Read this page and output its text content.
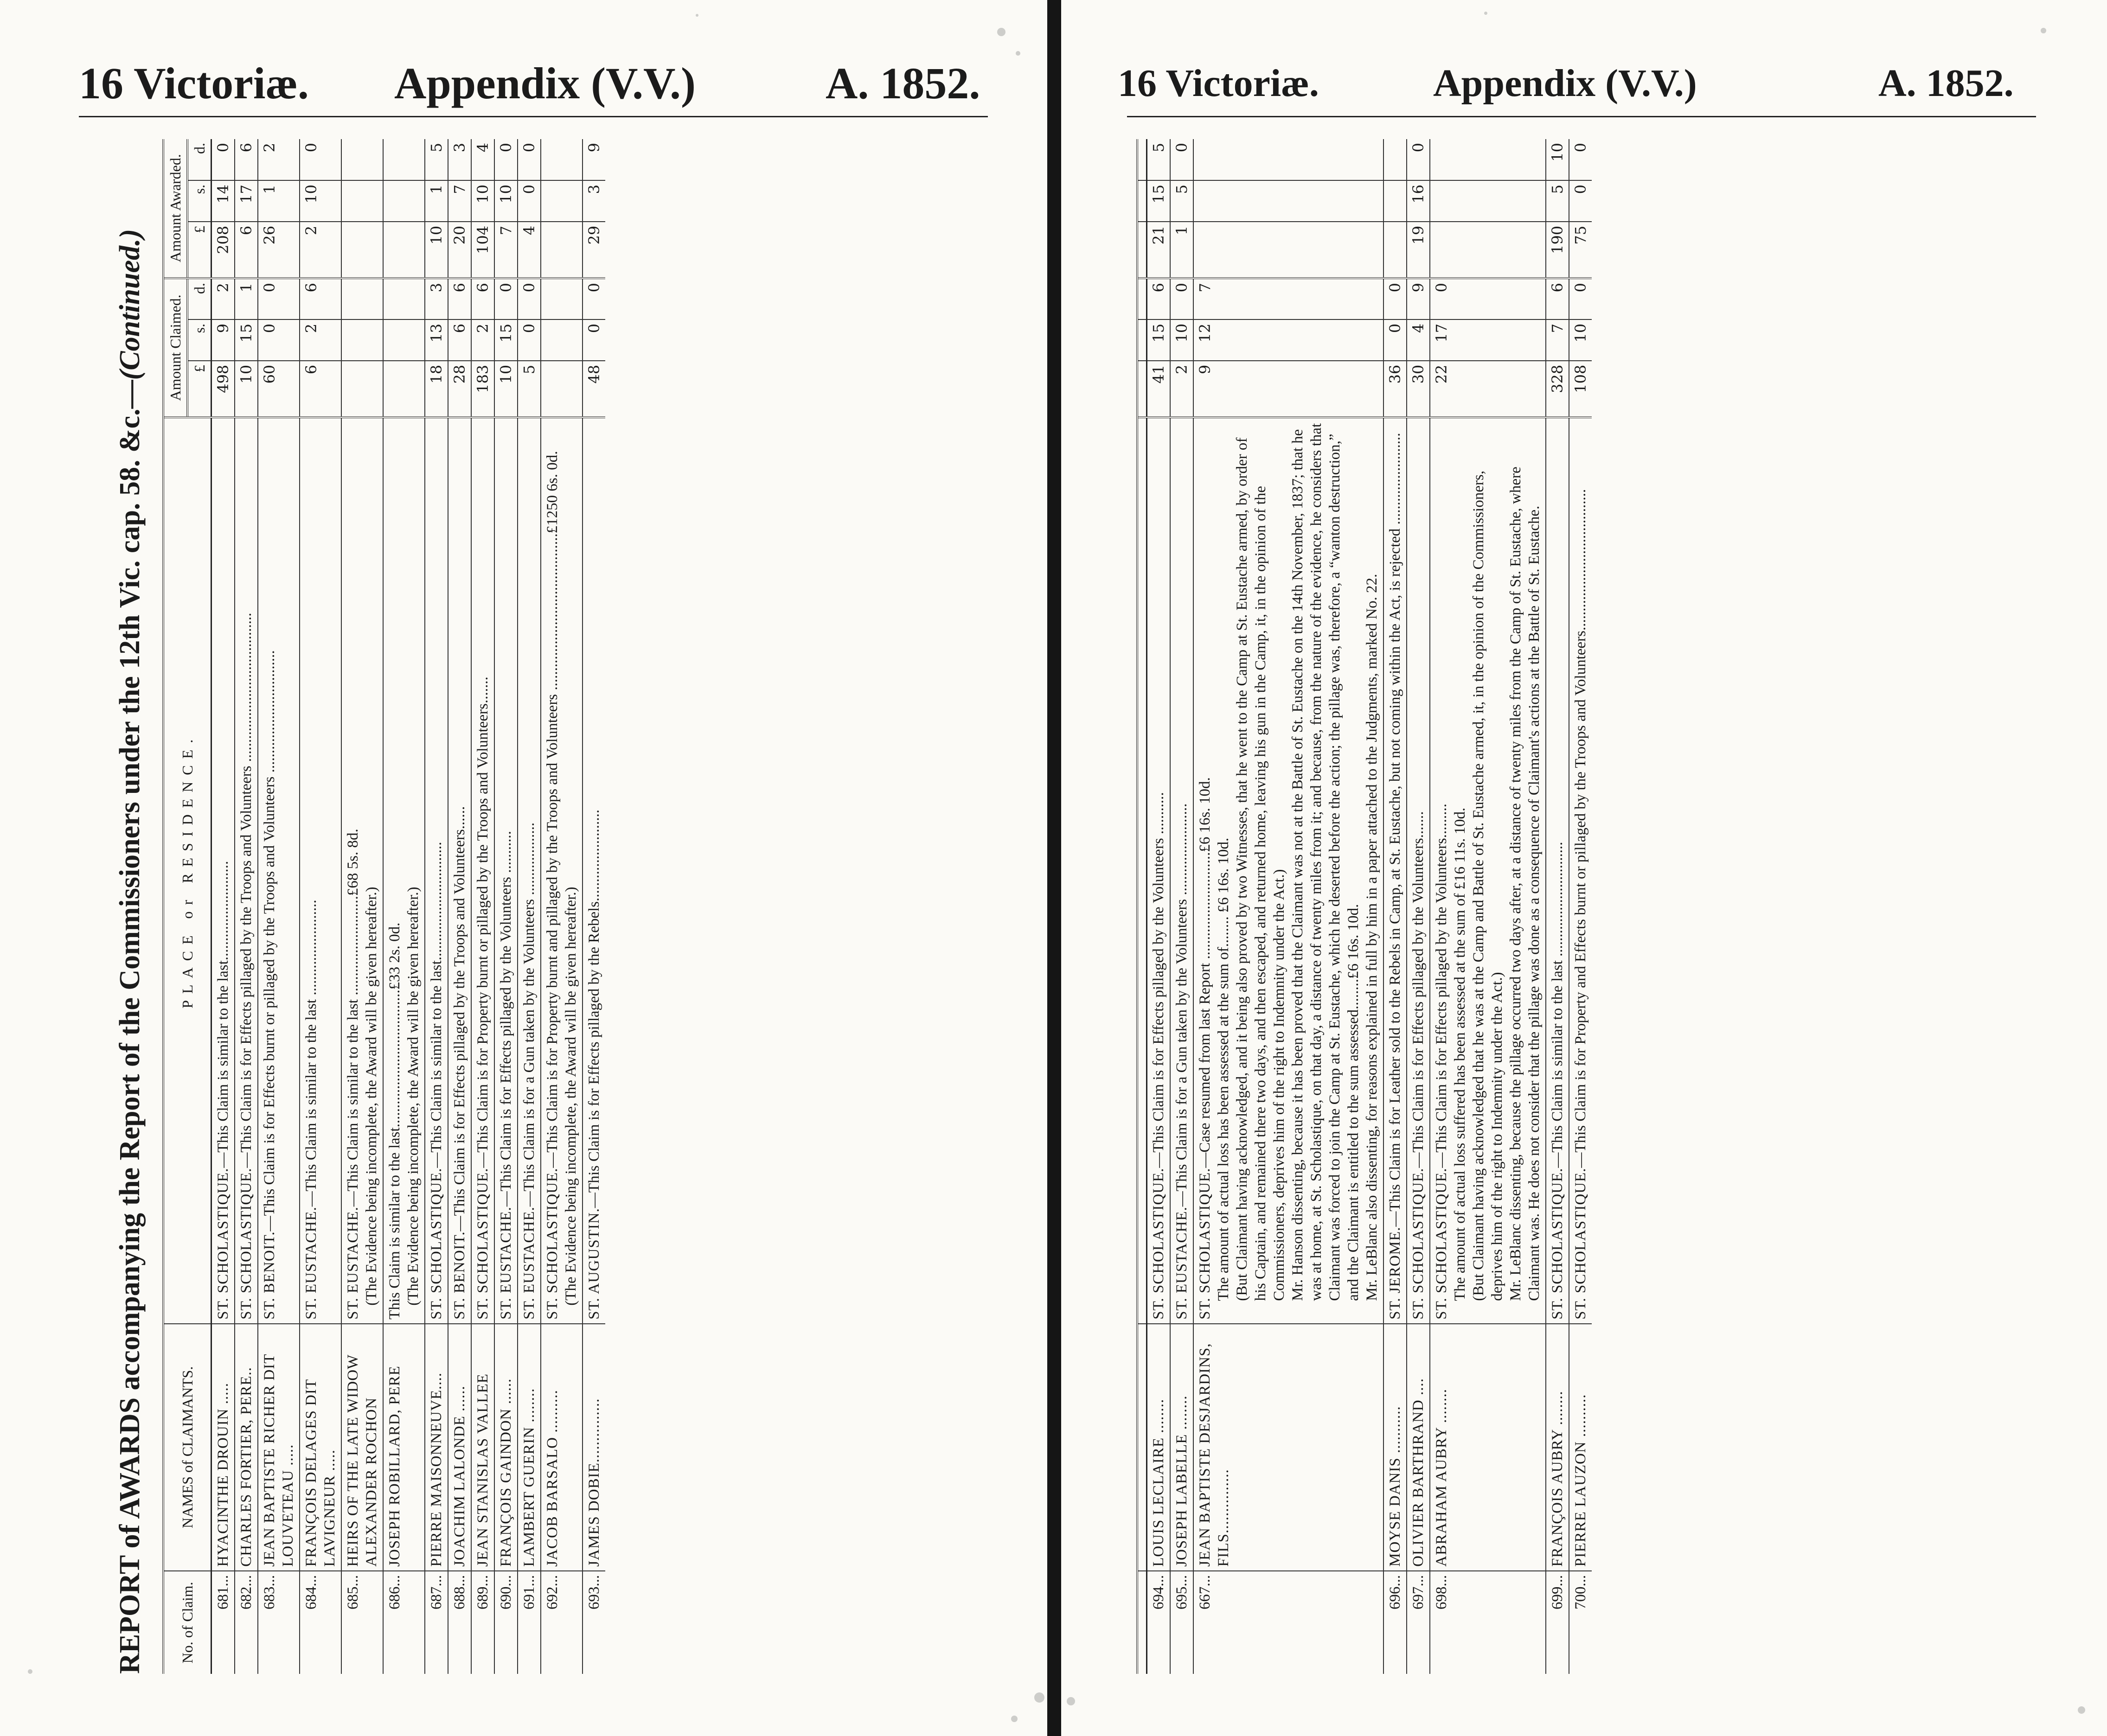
16 Victoriæ. Appendix (V.V.)	A. 1852.
REPORT of AWARDS accompanying the Report of the Commissioners under the 12th Vic. cap. 58. &c.—(Continued.)
No. of Claim.	NAMES of CLAIMANTS.	PLACE or RESIDENCE.	Amount Claimed.			Amount Awarded.		
			£	s.	d.	£	s.	d.
681...	HYACINTHE DROUIN .....	ST. SCHOLASTIQUE.—This Claim is similar to the last..........................	498	9	2	208	14	0
682...	CHARLES FORTIER, PERE..	ST. SCHOLASTIQUE.—This Claim is for Effects pillaged by the Troops and Volunteers .......................................	10	15	1	6	17	6
683...	JEAN BAPTISTE RICHER DIT LOUVETEAU .....	ST. BENOIT.—This Claim is for Effects burnt or pillaged by the Troops and Volunteers ................................	60	0	0	26	1	2
684...	FRANÇOIS DELAGES DIT LAVIGNEUR .....	ST. EUSTACHE.—This Claim is similar to the last .........................	6	2	6	2	10	0
685...	HEIRS OF THE LATE WIDOW ALEXANDER ROCHON	ST. EUSTACHE.—This Claim is similar to the last ..........................£68 5s. 8d. (The Evidence being incomplete, the Award will be given hereafter.)						

686...	JOSEPH ROBILLARD, PERE	This Claim is similar to the last....................................£33 2s. 0d. (The Evidence being incomplete, the Award will be given hereafter.)						

687...	PIERRE MAISONNEUVE....	ST. SCHOLASTIQUE.—This Claim is similar to the last...............................	18	13	3	10	1	5
688...	JOACHIM LALONDE ......	ST. BENOIT.—This Claim is for Effects pillaged by the Troops and Volunteers......	28	6	6	20	7	3
689...	JEAN STANISLAS VALLEE	ST. SCHOLASTIQUE.—This Claim is for Property burnt or pillaged by the Troops and Volunteers.......	183	2	6	104	10	4
690...	FRANÇOIS GAINDON ......	ST. EUSTACHE.—This Claim is for Effects pillaged by the Volunteers ...........	10	15	0	7	10	0
691...	LAMBERT GUERIN ........	ST. EUSTACHE.—This Claim is for a Gun taken by the Volunteers ...................	5	0	0	4	0	0
692...	JACOB BARSALO ..........	ST. SCHOLASTIQUE.—This Claim is for Property burnt and pillaged by the Troops and Volunteers .........................................£1250 6s. 0d. (The Evidence being incomplete, the Award will be given hereafter.)						

693...	JAMES DOBIE...............	ST. AUGUSTIN.—This Claim is for Effects pillaged by the Rebels........................	48	0	0	29	3	9
16 Victoriæ.	Appendix (V.V.)	A. 1852.

694...	LOUIS LECLAIRE ........	ST. SCHOLASTIQUE.—This Claim is for Effects pillaged by the Volunteers ...........	41	15	6	21	15	5
695...	JOSEPH LABELLE ........	ST. EUSTACHE.—This Claim is for a Gun taken by the Volunteers ........................	2	10	0	1	5	0
667...	JEAN BAPTISTE DESJARDINS, FILS...............	ST. SCHOLASTIQUE.—Case resumed from last Report ............................£6 16s. 10d. The amount of actual loss has been assessed at the sum of........ £6 16s. 10d. (But Claimant having acknowledged, and it being also proved by two Witnesses, that he went to the Camp at St. Eustache armed, by order of his Captain, and remained there two days, and then escaped, and returned home, leaving his gun in the Camp, it, in the opinion of the Commissioners, deprives him of the right to Indemnity under the Act.) Mr. Hanson dissenting, because it has been proved that the Claimant was not at the Battle of St. Eustache on the 14th November, 1837; that he was at home, at St. Scholastique, on that day, a distance of twenty miles from it; and because, from the nature of the evidence, he considers that Claimant was forced to join the Camp at St. Eustache, which he deserted before the action; the pillage was, therefore, a “wanton destruction,” and the Claimant is entitled to the sum assessed........£6 16s. 10d. Mr. LeBlanc also dissenting, for reasons explained in full by him in a paper attached to the Judgments, marked No. 22.	9	12	7			
696...	MOYSE DANIS ...........	ST. JEROME.—This Claim is for Leather sold to the Rebels in Camp, at St. Eustache, but not coming within the Act, is rejected ........................	36	0	0			
697...	OLIVIER BARTHRAND ....	ST. SCHOLASTIQUE.—This Claim is for Effects pillaged by the Volunteers.......	30	4	9	19	16	0
698...	ABRAHAM AUBRY ........	ST. SCHOLASTIQUE.—This Claim is for Effects pillaged by the Volunteers......... The amount of actual loss suffered has been assessed at the sum of £16 11s. 10d. (But Claimant having acknowledged that he was at the Camp and Battle of St. Eustache armed, it, in the opinion of the Commissioners, deprives him of the right to Indemnity under the Act.) Mr. LeBlanc dissenting, because the pillage occurred two days after, at a distance of twenty miles from the Camp of St. Eustache, where Claimant was. He does not consider that the pillage was done as a consequence of Claimant's actions at the Battle of St. Eustache.	22	17	0			
699...	FRANÇOIS AUBRY ........	ST. SCHOLASTIQUE.—This Claim is similar to the last ..............................	328	7	6	190	5	10
700...	PIERRE LAUZON ..........	ST. SCHOLASTIQUE.—This Claim is for Property and Effects burnt or pillaged by the Troops and Volunteers.....................................	108	10	0	75	0	0
